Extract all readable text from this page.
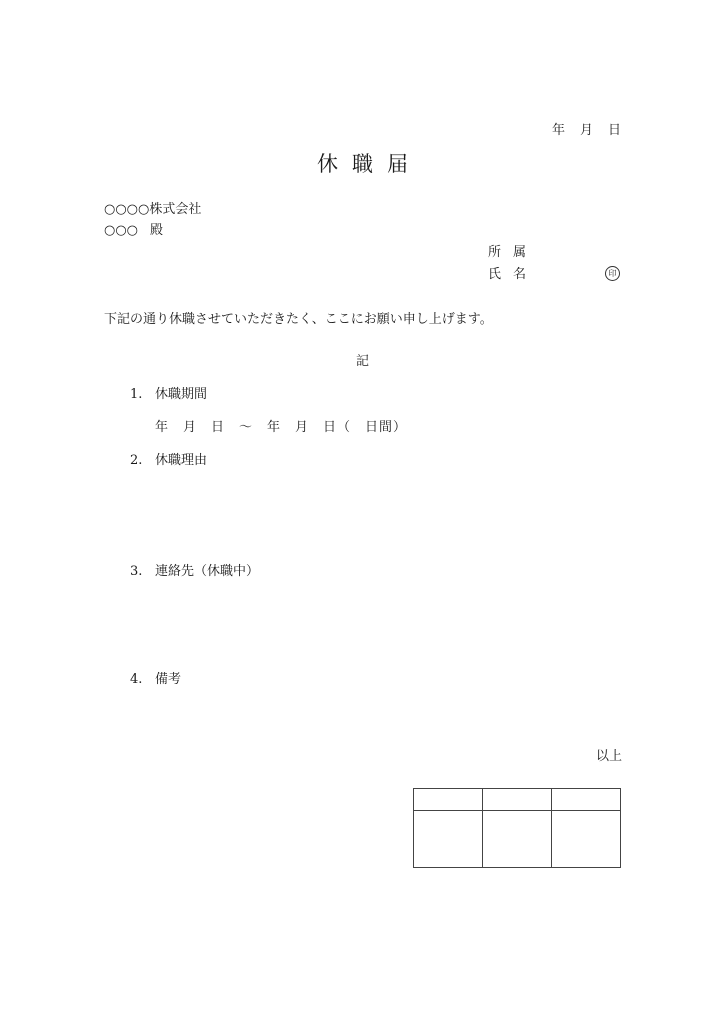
年　月　日
休職届
○○○○株式会社
○○○ 殿
所属
氏名	印
下記の通り休職させていただきたく、ここにお願い申し上げます。
記
1. 休職期間
年　月　日　～　年　月　日（　日間）
2. 休職理由
3. 連絡先（休職中）
4. 備考
以上
